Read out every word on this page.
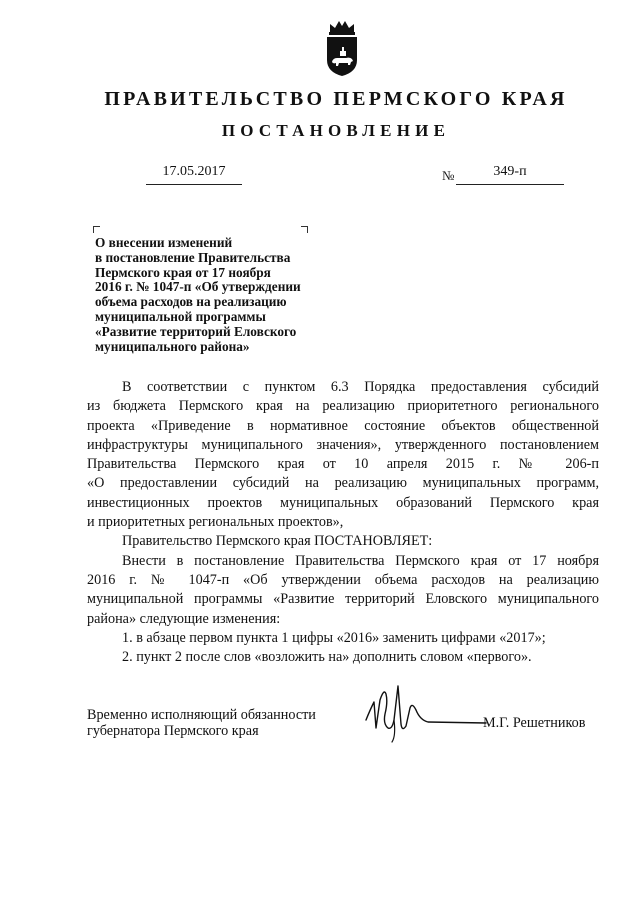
ПРАВИТЕЛЬСТВО ПЕРМСКОГО КРАЯ
ПОСТАНОВЛЕНИЕ
17.05.2017	№	349-п
О внесении изменений
в постановление Правительства
Пермского края от 17 ноября
2016 г. № 1047-п «Об утверждении
объема расходов на реализацию
муниципальной программы
«Развитие территорий Еловского
муниципального района»
В соответствии с пунктом 6.3 Порядка предоставления субсидий
из бюджета Пермского края на реализацию приоритетного регионального
проекта «Приведение в нормативное состояние объектов общественной
инфраструктуры муниципального значения», утвержденного постановлением
Правительства Пермского края от 10 апреля 2015 г. № 206-п
«О предоставлении субсидий на реализацию муниципальных программ,
инвестиционных проектов муниципальных образований Пермского края
и приоритетных региональных проектов»,
Правительство Пермского края ПОСТАНОВЛЯЕТ:
Внести в постановление Правительства Пермского края от 17 ноября
2016 г. № 1047-п «Об утверждении объема расходов на реализацию
муниципальной программы «Развитие территорий Еловского муниципального
района» следующие изменения:
1. в абзаце первом пункта 1 цифры «2016» заменить цифрами «2017»;
2. пункт 2 после слов «возложить на» дополнить словом «первого».
Временно исполняющий обязанности
губернатора Пермского края	М.Г. Решетников
